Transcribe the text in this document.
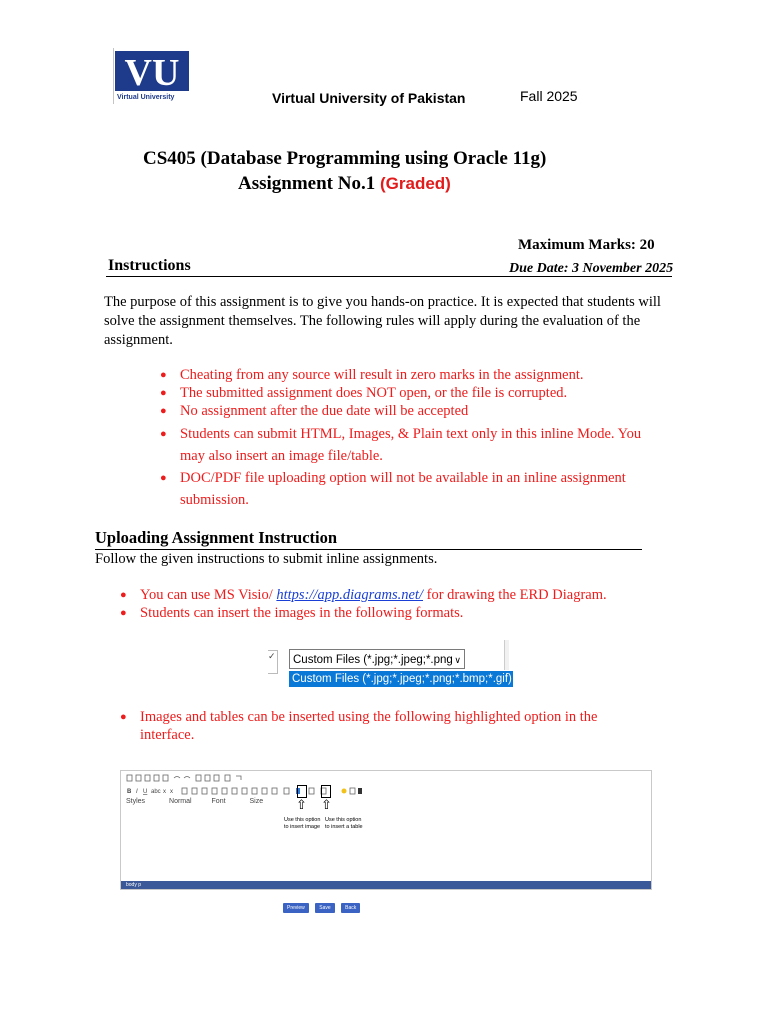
VU
Virtual University	Virtual University of Pakistan	Fall 2025
CS405 (Database Programming using Oracle 11g)
Assignment No.1 (Graded)
Maximum Marks: 20
Instructions	Due Date: 3 November 2025
The purpose of this assignment is to give you hands-on practice. It is expected that students will solve the assignment themselves. The following rules will apply during the evaluation of the assignment.
● Cheating from any source will result in zero marks in the assignment.
● The submitted assignment does NOT open, or the file is corrupted.
● No assignment after the due date will be accepted
● Students can submit HTML, Images, & Plain text only in this inline Mode. You may also insert an image file/table.
● DOC/PDF file uploading option will not be available in an inline assignment submission.
Uploading Assignment Instruction
Follow the given instructions to submit inline assignments.
● You can use MS Visio/ https://app.diagrams.net/ for drawing the ERD Diagram.
● Students can insert the images in the following formats.
✓	Custom Files (*.jpg;*.jpeg;*.png ∨
Custom Files (*.jpg;*.jpeg;*.png;*.bmp;*.gif)
● Images and tables can be inserted using the following highlighted option in the interface.
B I U abc x x
Styles	Normal	Font	Size	⇧ ⇧
Use this option to insert image
Use this option to insert a table
body p
Preview	Save	Back
